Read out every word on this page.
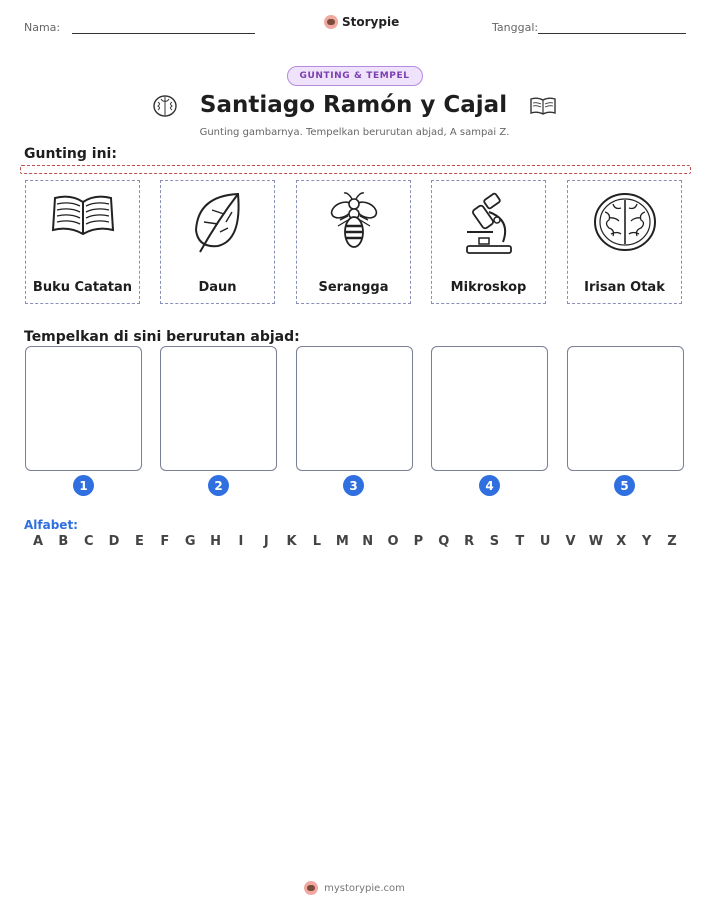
Nama:	Storypie	Tanggal:
GUNTING & TEMPEL
Santiago Ramón y Cajal
Gunting gambarnya. Tempelkan berurutan abjad, A sampai Z.
Gunting ini:
Buku Catatan	Daun	Serangga	Mikroskop	Irisan Otak
Tempelkan di sini berurutan abjad:
1	2	3	4	5
Alfabet:
A B C D E F G H	I	J	K L M N O P Q R S T U V W X Y Z
mystorypie.com
